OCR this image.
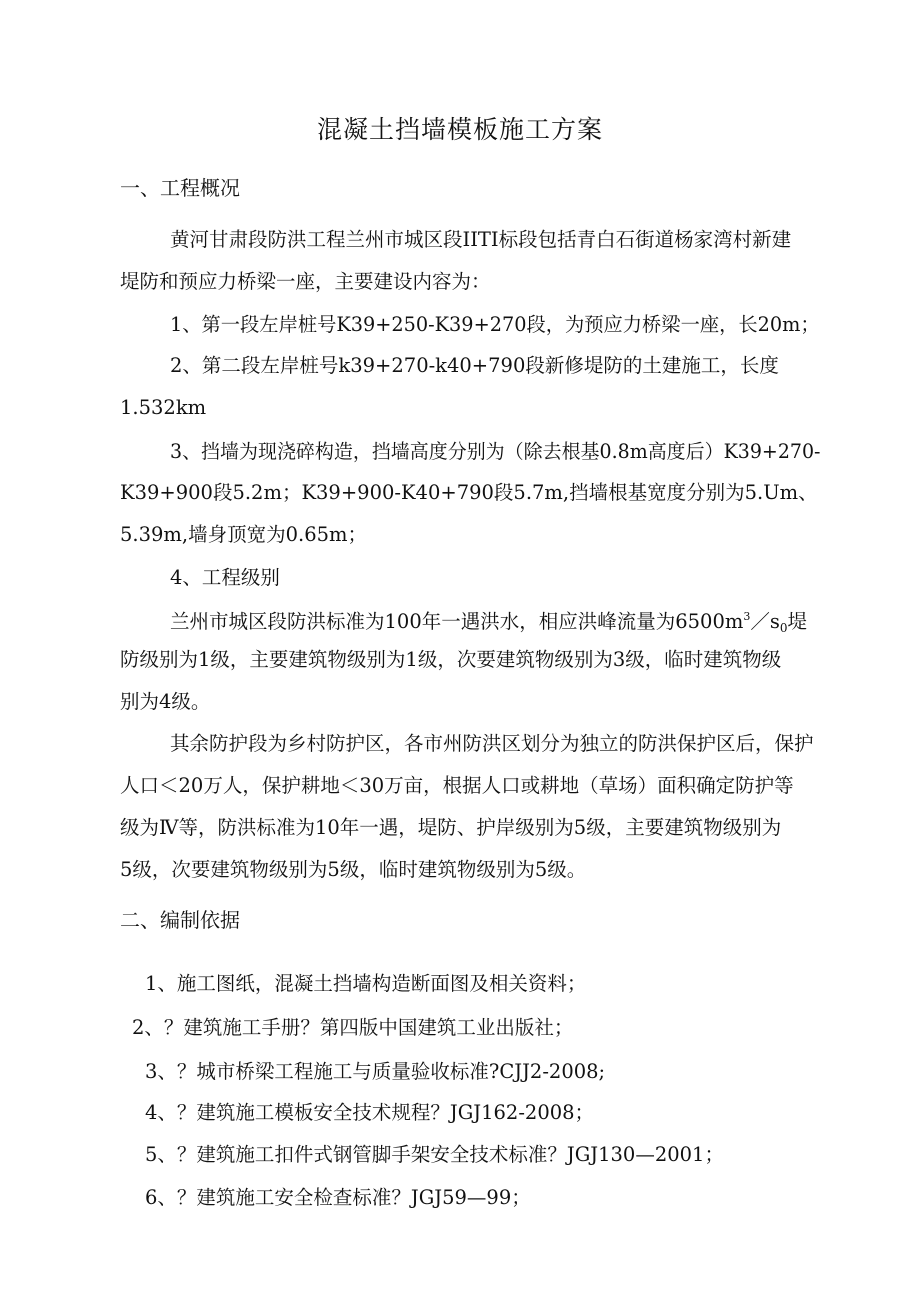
混凝土挡墙模板施工方案
一、工程概况
黄河甘肃段防洪工程兰州市城区段IITI标段包括青白石街道杨家湾村新建
堤防和预应力桥梁一座，主要建设内容为：
1、第一段左岸桩号K39+250-K39+270段，为预应力桥梁一座，长20m；
2、第二段左岸桩号k39+270-k40+790段新修堤防的土建施工，长度
1.532km
3、挡墙为现浇碎构造，挡墙高度分别为（除去根基0.8m高度后）K39+270-
K39+900段5.2m；K39+900-K40+790段5.7m,挡墙根基宽度分别为5.Um、
5.39m,墙身顶宽为0.65m；
4、工程级别
兰州市城区段防洪标准为100年一遇洪水，相应洪峰流量为$6500m^3/s_0$堤
防级别为1级，主要建筑物级别为1级，次要建筑物级别为3级，临时建筑物级
别为4级。
其余防护段为乡村防护区，各市州防洪区划分为独立的防洪保护区后，保护
人口＜20万人，保护耕地＜30万亩，根据人口或耕地（草场）面积确定防护等
级为Ⅳ等，防洪标准为10年一遇，堤防、护岸级别为5级，主要建筑物级别为
5级，次要建筑物级别为5级，临时建筑物级别为5级。
二、编制依据
1、施工图纸，混凝土挡墙构造断面图及相关资料；
2、？建筑施工手册？第四版中国建筑工业出版社；
3、？城市桥梁工程施工与质量验收标准?CJJ2-2008;
4、？建筑施工模板安全技术规程？JGJ162-2008；
5、？建筑施工扣件式钢管脚手架安全技术标准？JGJ130—2001；
6、？建筑施工安全检查标准？JGJ59—99；
